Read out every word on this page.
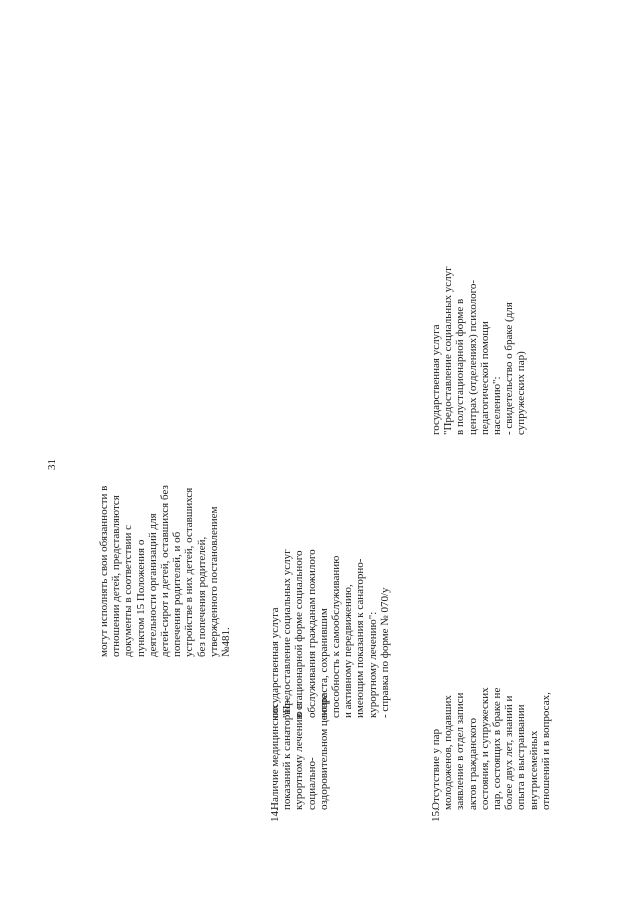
31
могут исполнять свои обязанности в отношении детей, представляются документы в соответствии с пунктом 15 Положения о деятельности организаций для детей-сирот и детей, оставшихся без попечения родителей, и об устройстве в них детей, оставшихся без попечения родителей, утвержденного постановлением №481.
14.
Наличие медицинских показаний к санаторно- курортному лечению в социально- оздоровительном центре
государственная услуга "Предоставление социальных услуг в стационарной форме социального обслуживания гражданам пожилого возраста, сохранившим способность к самообслуживанию и активному передвижению, имеющим показания к санаторно- курортному лечению": - справка по форме № 070/у
15.
Отсутствие у пар молодоженов, подавших заявление в отдел записи актов гражданского состояния, и супружеских пар, состоящих в браке не более двух лет, знаний и опыта в выстраивании внутрисемейных отношений и в вопросах,
государственная услуга "Предоставление социальных услуг в полустационарной форме в центрах (отделениях) психолого- педагогической помощи населению": - свидетельство о браке (для супружеских пар)
